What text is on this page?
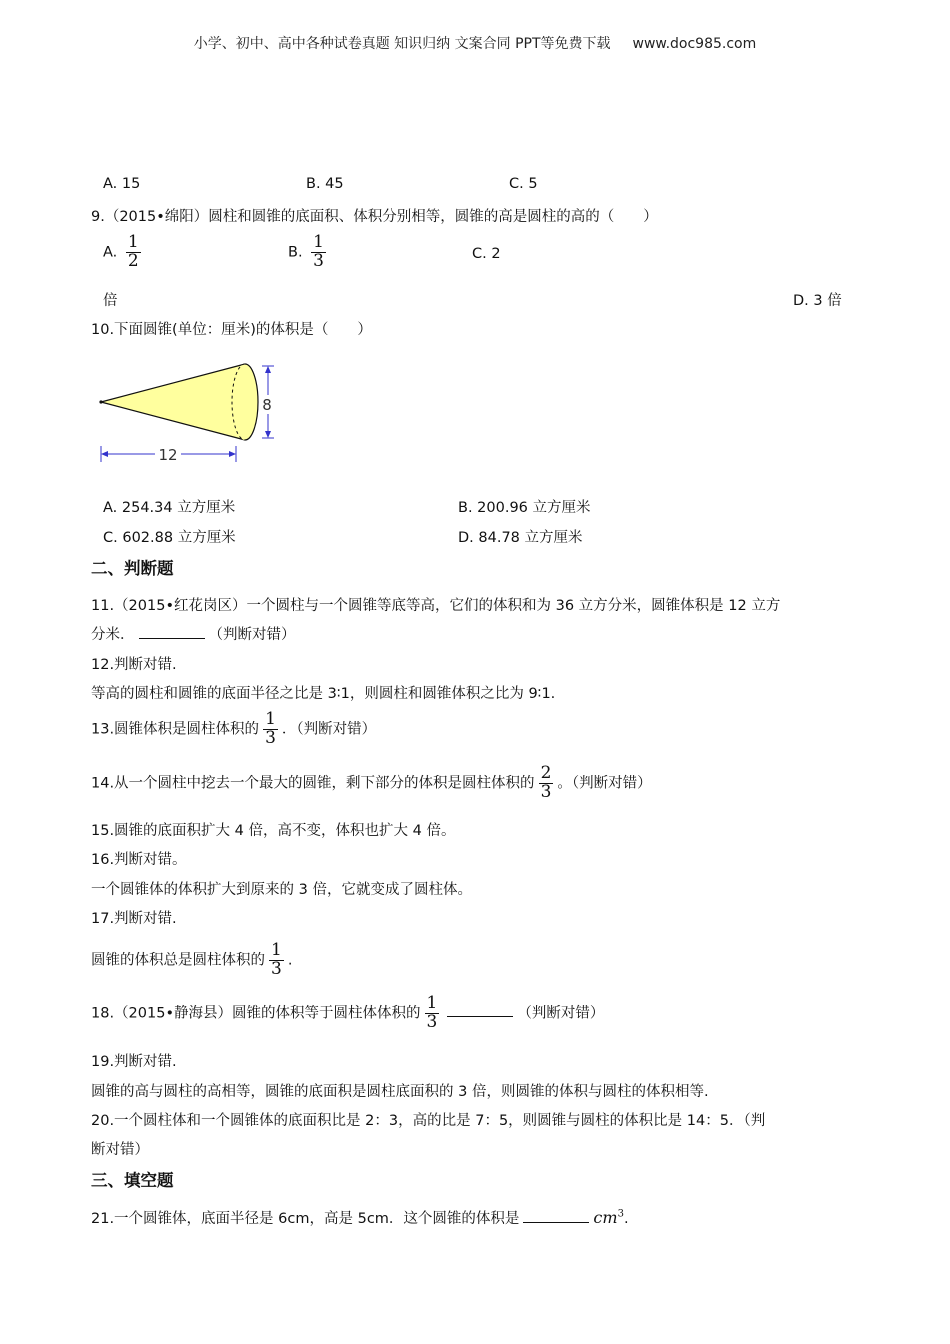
小学、初中、高中各种试卷真题 知识归纳 文案合同 PPT等免费下载 www.doc985.com
A. 15	B. 45	C. 5
9.（2015•绵阳）圆柱和圆锥的底面积、体积分别相等，圆锥的高是圆柱的高的（　　）
A. $\frac{1}{2}$	B. $\frac{1}{3}$	C. 2
倍	D. 3 倍
10.下面圆锥(单位：厘米)的体积是（　　）
8
12
A. 254.34 立方厘米	B. 200.96 立方厘米
C. 602.88 立方厘米	D. 84.78 立方厘米
二、判断题
11.（2015•红花岗区）一个圆柱与一个圆锥等底等高，它们的体积和为 36 立方分米，圆锥体积是 12 立方
分米．	（判断对错）
12.判断对错.
等高的圆柱和圆锥的底面半径之比是 3∶1，则圆柱和圆锥体积之比为 9∶1.
13.圆锥体积是圆柱体积的 $\frac{1}{3}$ ．（判断对错）
14.从一个圆柱中挖去一个最大的圆锥，剩下部分的体积是圆柱体积的 $\frac{2}{3}$ 。（判断对错）
15.圆锥的底面积扩大 4 倍，高不变，体积也扩大 4 倍。
16.判断对错。
一个圆锥体的体积扩大到原来的 3 倍，它就变成了圆柱体。
17.判断对错.
圆锥的体积总是圆柱体积的 $\frac{1}{3}$ .
18.（2015•静海县）圆锥的体积等于圆柱体体积的 $\frac{1}{3}$	（判断对错）
19.判断对错.
圆锥的高与圆柱的高相等，圆锥的底面积是圆柱底面积的 3 倍，则圆锥的体积与圆柱的体积相等.
20.一个圆柱体和一个圆锥体的底面积比是 2：3，高的比是 7：5，则圆锥与圆柱的体积比是 14：5．（判
断对错）
三、填空题
21.一个圆锥体，底面半径是 6cm，高是 5cm．这个圆锥的体积是	$cm^3$.
